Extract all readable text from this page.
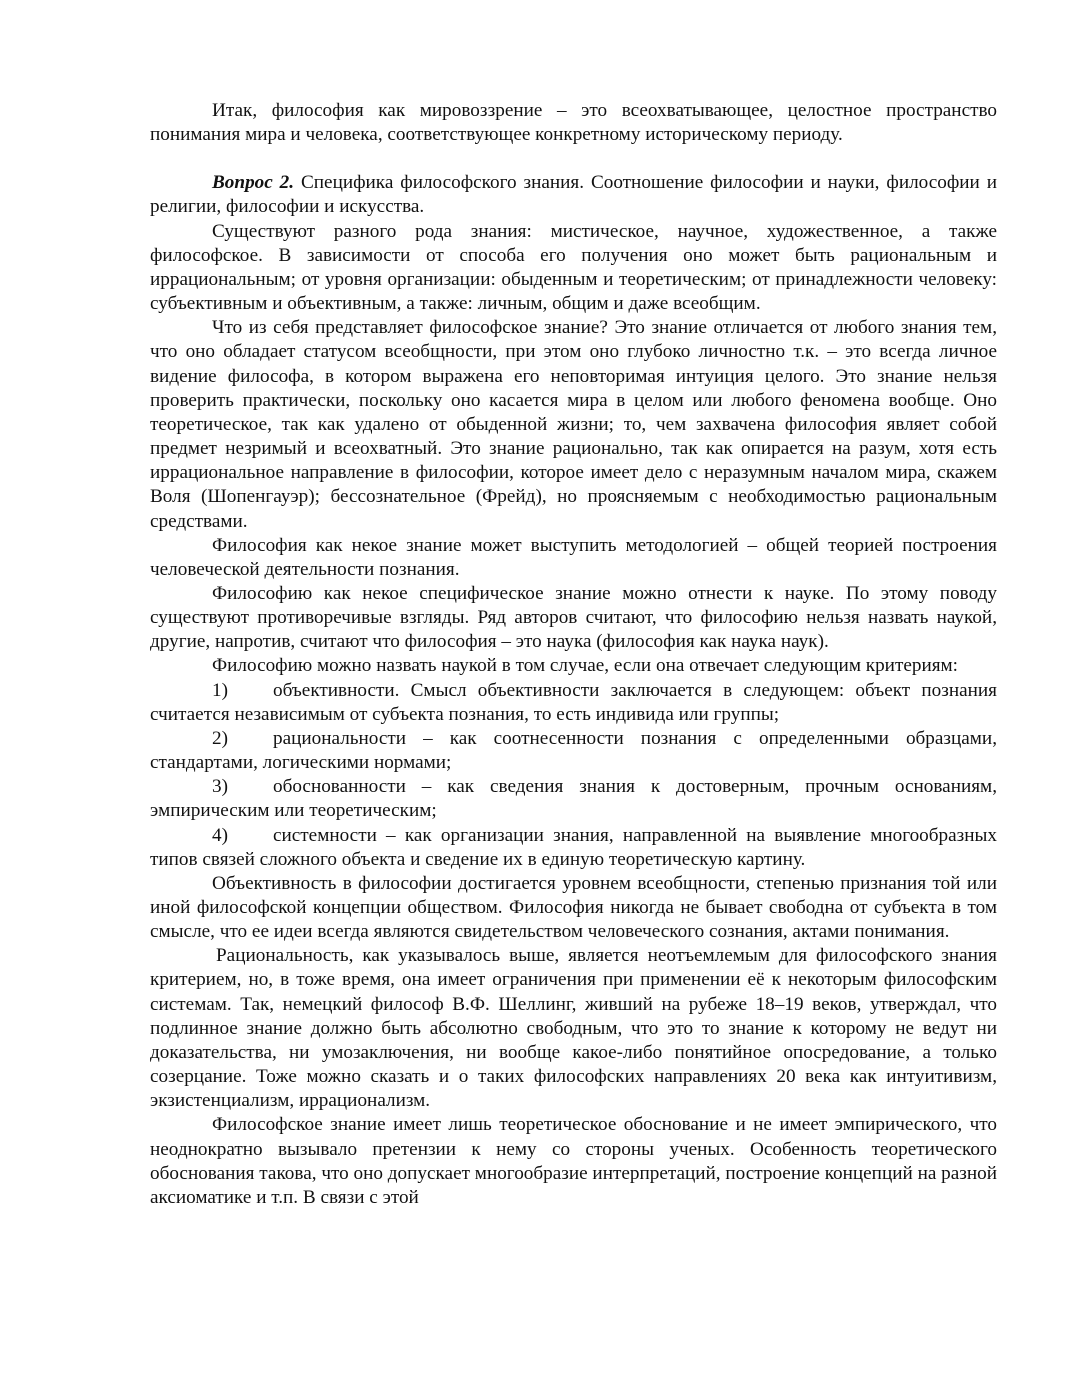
Итак, философия как мировоззрение – это всеохватывающее, целостное пространство понимания мира и человека, соответствующее конкретному историческому периоду.

Вопрос 2. Специфика философского знания. Соотношение философии и науки, философии и религии, философии и искусства.

Существуют разного рода знания: мистическое, научное, художественное, а также философское. В зависимости от способа его получения оно может быть рациональным и иррациональным; от уровня организации: обыденным и теоретическим; от принадлежности человеку: субъективным и объективным, а также: личным, общим и даже всеобщим.

Что из себя представляет философское знание? Это знание отличается от любого знания тем, что оно обладает статусом всеобщности, при этом оно глубоко личностно т.к. – это всегда личное видение философа, в котором выражена его неповторимая интуиция целого. Это знание нельзя проверить практически, поскольку оно касается мира в целом или любого феномена вообще. Оно теоретическое, так как удалено от обыденной жизни; то, чем захвачена философия являет собой предмет незримый и всеохватный. Это знание рационально, так как опирается на разум, хотя есть иррациональное направление в философии, которое имеет дело с неразумным началом мира, скажем Воля (Шопенгауэр); бессознательное (Фрейд), но проясняемым с необходимостью рациональным средствами.

Философия как некое знание может выступить методологией – общей теорией построения человеческой деятельности познания.

Философию как некое специфическое знание можно отнести к науке. По этому поводу существуют противоречивые взгляды. Ряд авторов считают, что философию нельзя назвать наукой, другие, напротив, считают что философия – это наука (философия как наука наук).

Философию можно назвать наукой в том случае, если она отвечает следующим критериям:

1) объективности. Смысл объективности заключается в следующем: объект познания считается независимым от субъекта познания, то есть индивида или группы;

2) рациональности – как соотнесенности познания с определенными образцами, стандартами, логическими нормами;

3) обоснованности – как сведения знания к достоверным, прочным основаниям, эмпирическим или теоретическим;

4) системности – как организации знания, направленной на выявление многообразных типов связей сложного объекта и сведение их в единую теоретическую картину.

Объективность в философии достигается уровнем всеобщности, степенью признания той или иной философской концепции обществом. Философия никогда не бывает свободна от субъекта в том смысле, что ее идеи всегда являются свидетельством человеческого сознания, актами понимания.

Рациональность, как указывалось выше, является неотъемлемым для философского знания критерием, но, в тоже время, она имеет ограничения при применении её к некоторым философским системам. Так, немецкий философ В.Ф. Шеллинг, живший на рубеже 18–19 веков, утверждал, что подлинное знание должно быть абсолютно свободным, что это то знание к которому не ведут ни доказательства, ни умозаключения, ни вообще какое-либо понятийное опосредование, а только созерцание. Тоже можно сказать и о таких философских направлениях 20 века как интуитивизм, экзистенциализм, иррационализм.

Философское знание имеет лишь теоретическое обоснование и не имеет эмпирического, что неоднократно вызывало претензии к нему со стороны ученых. Особенность теоретического обоснования такова, что оно допускает многообразие интерпретаций, построение концепций на разной аксиоматике и т.п. В связи с этой
